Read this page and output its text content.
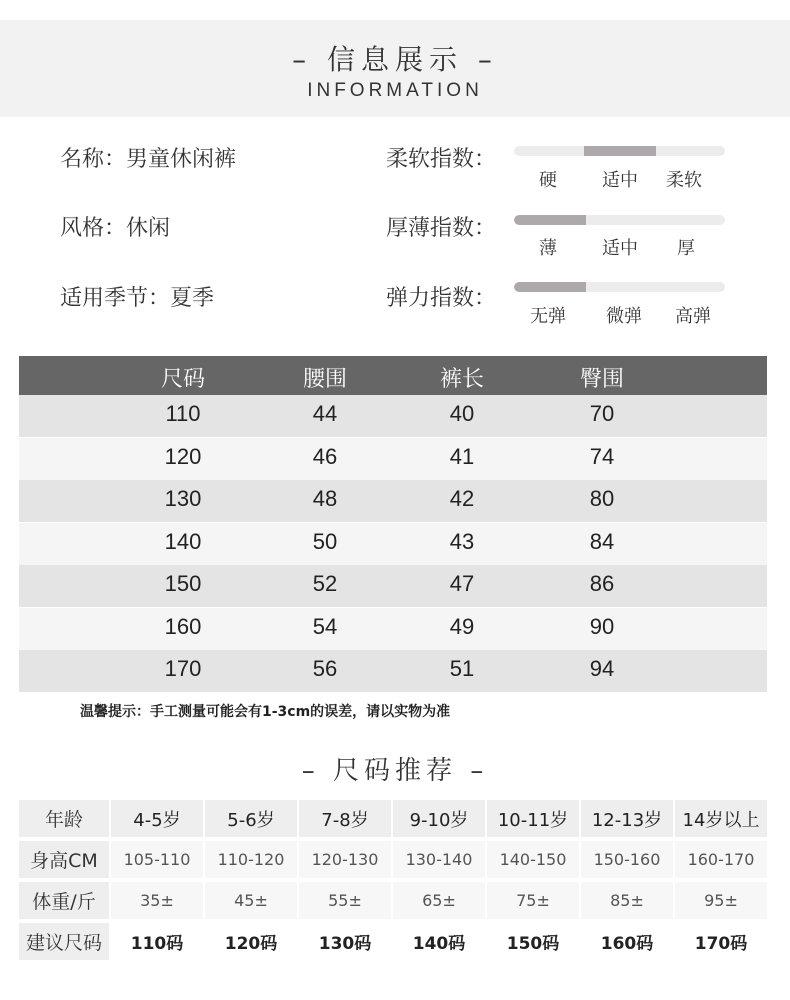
– 信息展示 –
INFORMATION
名称：男童休闲裤
风格：休闲
适用季节：夏季
柔软指数：
硬	适中	柔软
厚薄指数：
薄	适中	厚
弹力指数：
无弹	微弹	高弹
尺码	腰围	裤长	臀围
110	44	40	70
120	46	41	74
130	48	42	80
140	50	43	84
150	52	47	86
160	54	49	90
170	56	51	94
温馨提示：手工测量可能会有1-3cm的误差，请以实物为准
– 尺码推荐 –
年龄	4-5岁	5-6岁	7-8岁	9-10岁	10-11岁	12-13岁	14岁以上
身高CM	105-110	110-120	120-130	130-140	140-150	150-160	160-170
体重/斤	35±	45±	55±	65±	75±	85±	95±
建议尺码	110码	120码	130码	140码	150码	160码	170码
